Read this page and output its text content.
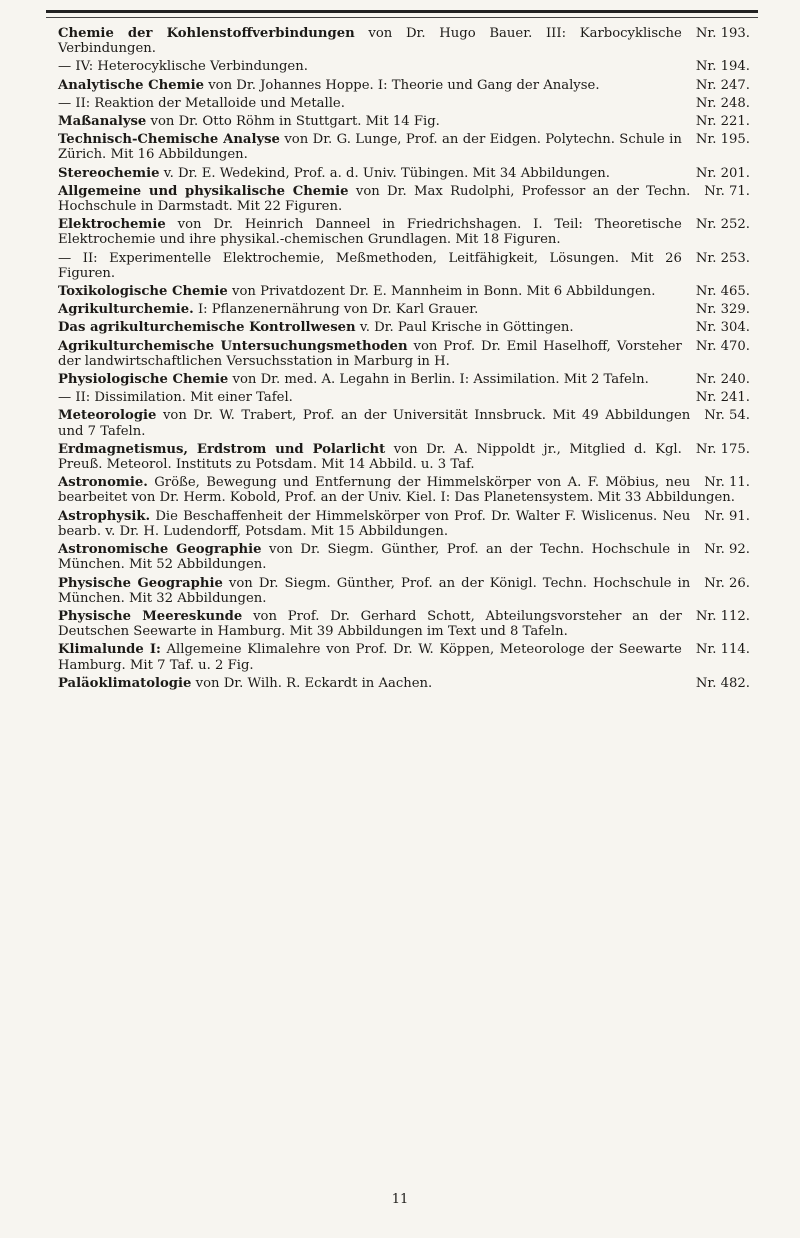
Nr. 193.
Chemie der Kohlenstoffverbindungen von Dr. Hugo Bauer. III: Karbocyklische Verbindungen.
Nr. 194.
— IV: Heterocyklische Verbindungen.
Nr. 247.
Analytische Chemie von Dr. Johannes Hoppe. I: Theorie und Gang der Analyse.
Nr. 248.
— II: Reaktion der Metalloide und Metalle.
Nr. 221.
Maßanalyse von Dr. Otto Röhm in Stuttgart. Mit 14 Fig.
Nr. 195.
Technisch-Chemische Analyse von Dr. G. Lunge, Prof. an der Eidgen. Polytechn. Schule in Zürich. Mit 16 Abbildungen.
Nr. 201.
Stereochemie v. Dr. E. Wedekind, Prof. a. d. Univ. Tübingen. Mit 34 Abbildungen.
Nr. 71.
Allgemeine und physikalische Chemie von Dr. Max Rudolphi, Professor an der Techn. Hochschule in Darmstadt. Mit 22 Figuren.
Nr. 252.
Elektrochemie von Dr. Heinrich Danneel in Friedrichshagen. I. Teil: Theoretische Elektrochemie und ihre physikal.-chemischen Grundlagen. Mit 18 Figuren.
Nr. 253.
— II: Experimentelle Elektrochemie, Meßmethoden, Leitfähigkeit, Lösungen. Mit 26 Figuren.
Nr. 465.
Toxikologische Chemie von Privatdozent Dr. E. Mannheim in Bonn. Mit 6 Abbildungen.
Nr. 329.
Agrikulturchemie. I: Pflanzenernährung von Dr. Karl Grauer.
Nr. 304.
Das agrikulturchemische Kontrollwesen v. Dr. Paul Krische in Göttingen.
Nr. 470.
Agrikulturchemische Untersuchungsmethoden von Prof. Dr. Emil Haselhoff, Vorsteher der landwirtschaftlichen Versuchsstation in Marburg in H.
Nr. 240.
Physiologische Chemie von Dr. med. A. Legahn in Berlin. I: Assimilation. Mit 2 Tafeln.
Nr. 241.
— II: Dissimilation. Mit einer Tafel.
Nr. 54.
Meteorologie von Dr. W. Trabert, Prof. an der Universität Innsbruck. Mit 49 Abbildungen und 7 Tafeln.
Nr. 175.
Erdmagnetismus, Erdstrom und Polarlicht von Dr. A. Nippoldt jr., Mitglied d. Kgl. Preuß. Meteorol. Instituts zu Potsdam. Mit 14 Abbild. u. 3 Taf.
Nr. 11.
Astronomie. Größe, Bewegung und Entfernung der Himmelskörper von A. F. Möbius, neu bearbeitet von Dr. Herm. Kobold, Prof. an der Univ. Kiel. I: Das Planetensystem. Mit 33 Abbildungen.
Nr. 91.
Astrophysik. Die Beschaffenheit der Himmelskörper von Prof. Dr. Walter F. Wislicenus. Neu bearb. v. Dr. H. Ludendorff, Potsdam. Mit 15 Abbildungen.
Nr. 92.
Astronomische Geographie von Dr. Siegm. Günther, Prof. an der Techn. Hochschule in München. Mit 52 Abbildungen.
Nr. 26.
Physische Geographie von Dr. Siegm. Günther, Prof. an der Königl. Techn. Hochschule in München. Mit 32 Abbildungen.
Nr. 112.
Physische Meereskunde von Prof. Dr. Gerhard Schott, Abteilungsvorsteher an der Deutschen Seewarte in Hamburg. Mit 39 Abbildungen im Text und 8 Tafeln.
Nr. 114.
Klimalunde I: Allgemeine Klimalehre von Prof. Dr. W. Köppen, Meteorologe der Seewarte Hamburg. Mit 7 Taf. u. 2 Fig.
Nr. 482.
Paläoklimatologie von Dr. Wilh. R. Eckardt in Aachen.
11
